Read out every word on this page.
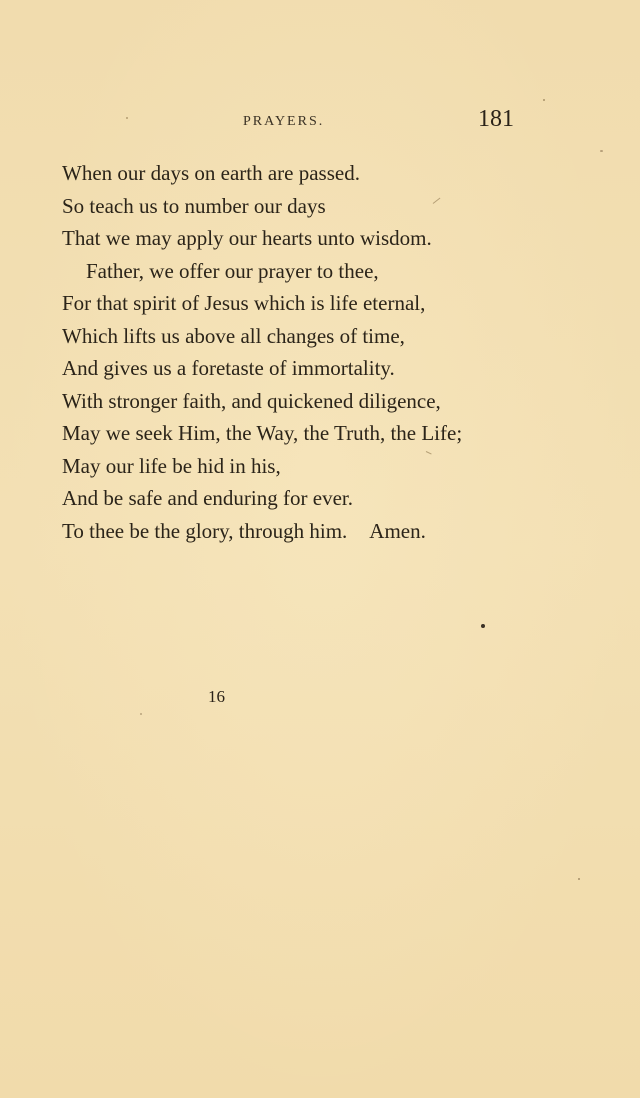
PRAYERS.	181
When our days on earth are passed.
So teach us to number our days
That we may apply our hearts unto wisdom.
Father, we offer our prayer to thee,
For that spirit of Jesus which is life eternal,
Which lifts us above all changes of time,
And gives us a foretaste of immortality.
With stronger faith, and quickened diligence,
May we seek Him, the Way, the Truth, the Life;
May our life be hid in his,
And be safe and enduring for ever.
To thee be the glory, through him. Amen.
16
